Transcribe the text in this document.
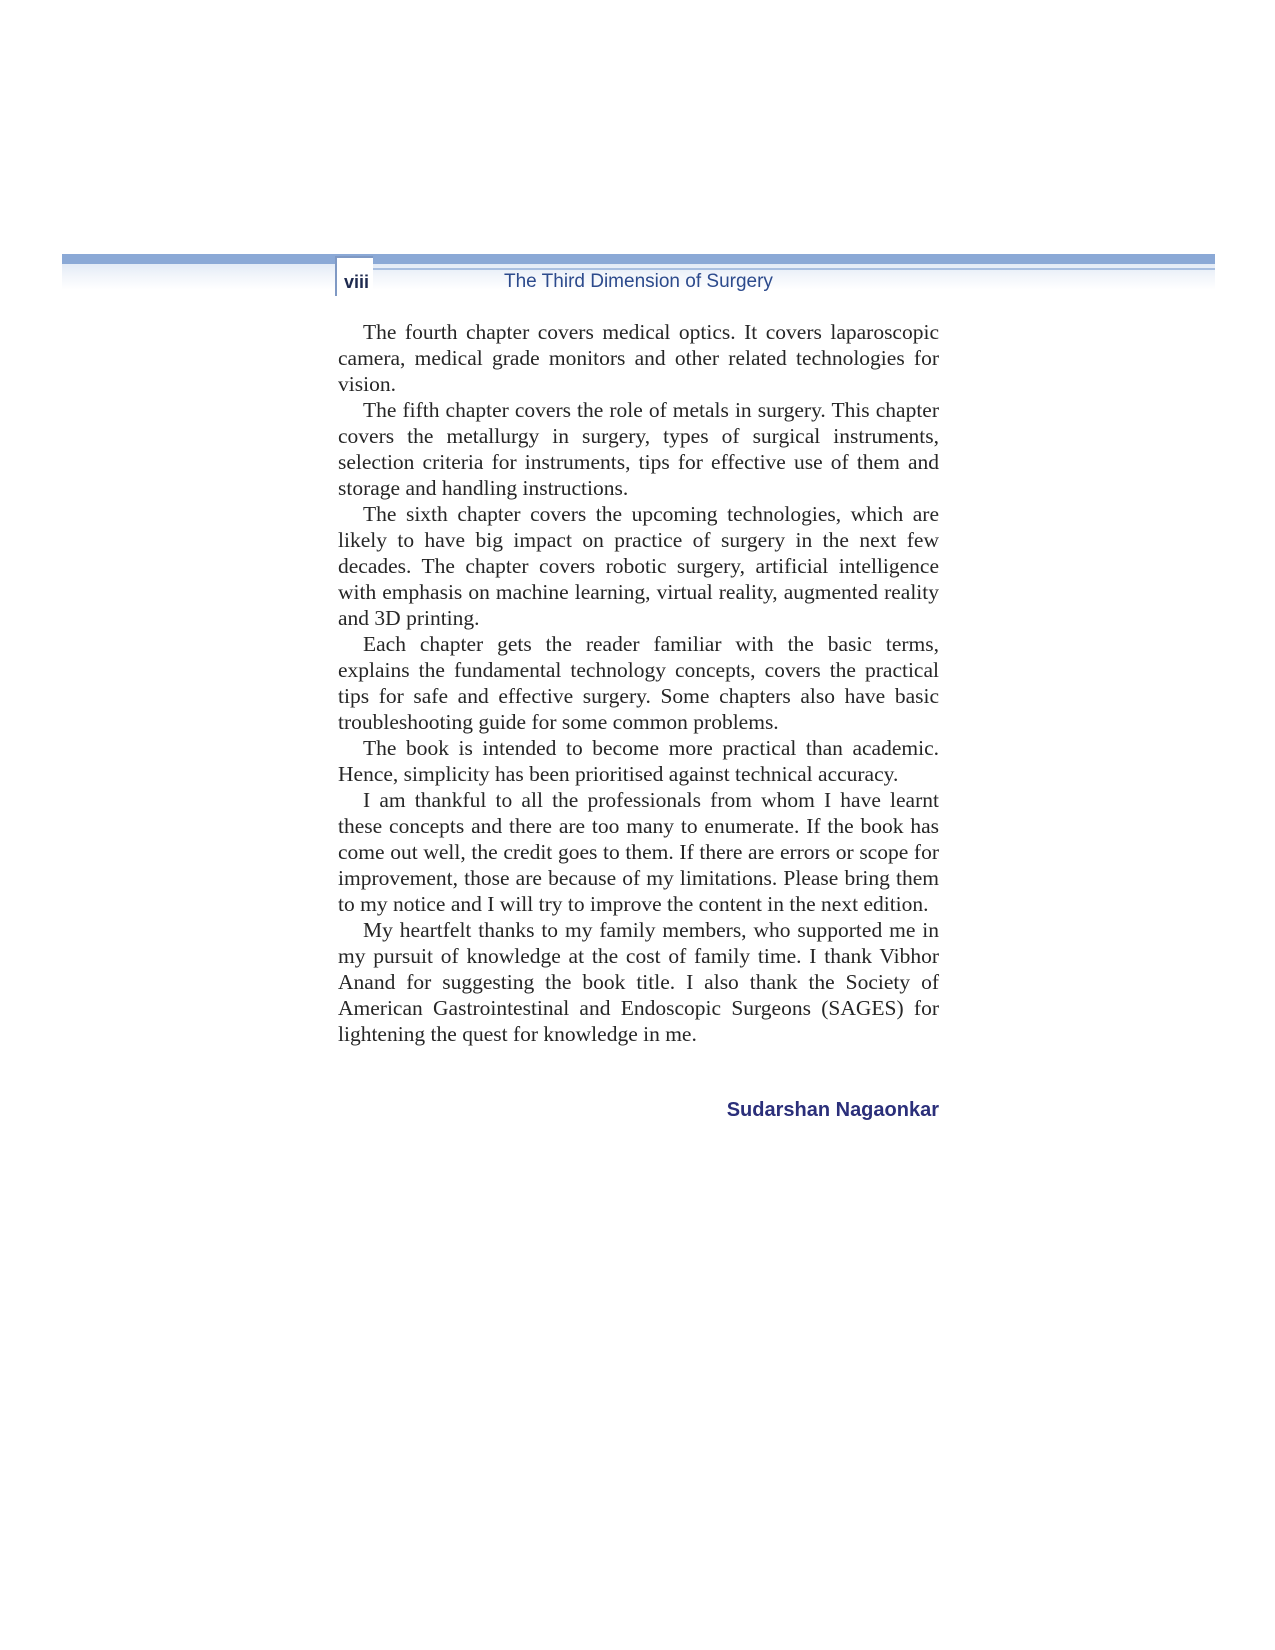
viii	The Third Dimension of Surgery

The fourth chapter covers medical optics. It covers laparoscopic camera, medical grade monitors and other related technologies for vision.

The fifth chapter covers the role of metals in surgery. This chapter covers the metallurgy in surgery, types of surgical instruments, selection criteria for instruments, tips for effective use of them and storage and handling instructions.

The sixth chapter covers the upcoming technologies, which are likely to have big impact on practice of surgery in the next few decades. The chapter covers robotic surgery, artificial intelligence with emphasis on machine learning, virtual reality, augmented reality and 3D printing.

Each chapter gets the reader familiar with the basic terms, explains the fundamental technology concepts, covers the practical tips for safe and effective surgery. Some chapters also have basic troubleshooting guide for some common problems.

The book is intended to become more practical than academic. Hence, simplicity has been prioritised against technical accuracy.

I am thankful to all the professionals from whom I have learnt these concepts and there are too many to enumerate. If the book has come out well, the credit goes to them. If there are errors or scope for improvement, those are because of my limitations. Please bring them to my notice and I will try to improve the content in the next edition.

My heartfelt thanks to my family members, who supported me in my pursuit of knowledge at the cost of family time. I thank Vibhor Anand for suggesting the book title. I also thank the Society of American Gastrointestinal and Endoscopic Surgeons (SAGES) for lightening the quest for knowledge in me.

Sudarshan Nagaonkar
